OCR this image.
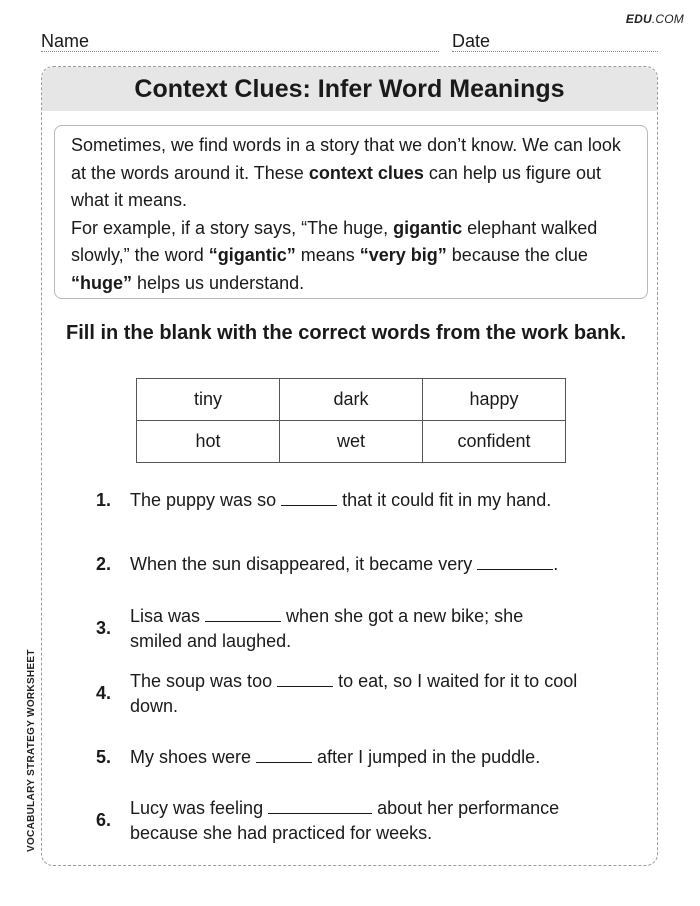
EDU.COM
Name	Date
VOCABULARY STRATEGY WORKSHEET
Context Clues: Infer Word Meanings
Sometimes, we find words in a story that we don’t know. We can look at the words around it. These context clues can help us figure out what it means.
For example, if a story says, “The huge, gigantic elephant walked slowly,” the word “gigantic” means “very big” because the clue “huge” helps us understand.
Fill in the blank with the correct words from the work bank.
tiny	dark	happy
hot	wet	confident
1. The puppy was so	that it could fit in my hand.
2. When the sun disappeared, it became very	.
3.
Lisa was	when she got a new bike; she smiled and laughed.
4.
The soup was too	to eat, so I waited for it to cool down.
5. My shoes were	after I jumped in the puddle.
6.
Lucy was feeling	about her performance because she had practiced for weeks.
